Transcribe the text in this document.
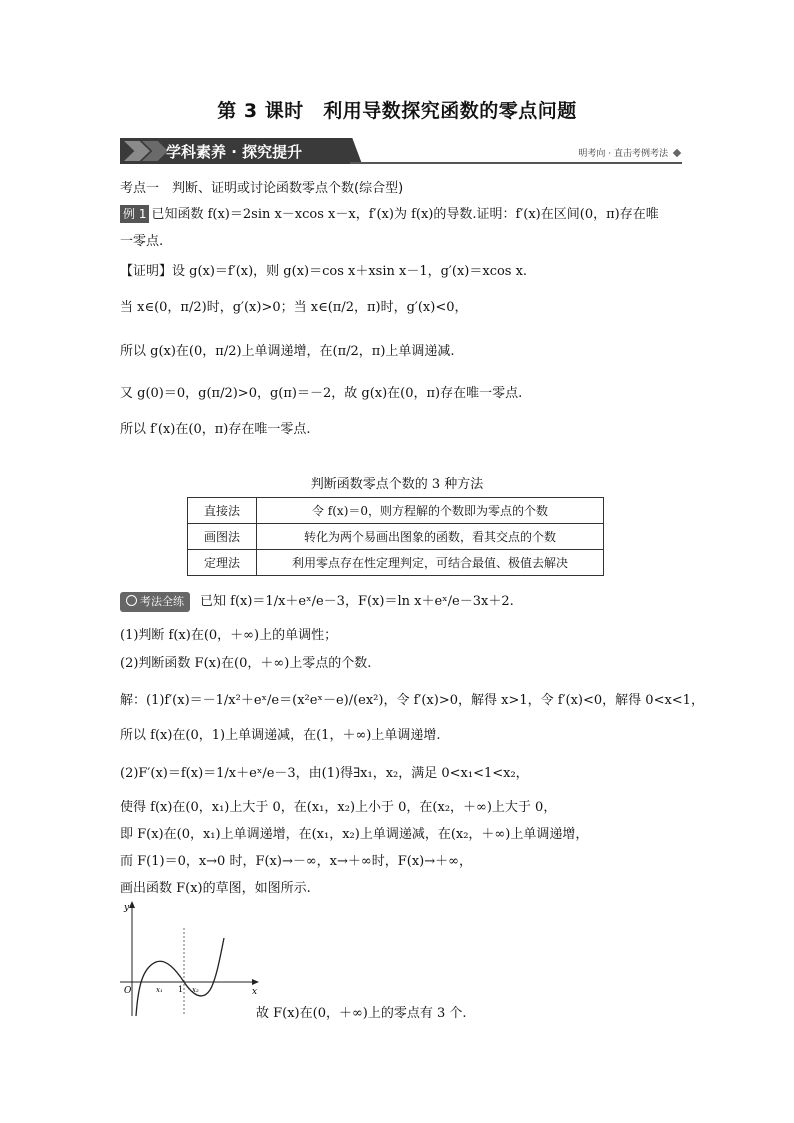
第 3 课时　利用导数探究函数的零点问题
学科素养 · 探究提升	明考向 · 直击考例考法
考点一　判断、证明或讨论函数零点个数(综合型)
例 1 已知函数 f(x)＝2sin x－xcos x－x，f′(x)为 f(x)的导数.证明：f′(x)在区间(0，π)存在唯
一零点.
【证明】设 g(x)＝f′(x)，则 g(x)＝cos x＋xsin x－1，g′(x)＝xcos x.
当 x∈(0，π/2)时，g′(x)>0；当 x∈(π/2，π)时，g′(x)<0，
所以 g(x)在(0，π/2)上单调递增，在(π/2，π)上单调递减.
又 g(0)＝0，g(π/2)>0，g(π)＝－2，故 g(x)在(0，π)存在唯一零点.
所以 f′(x)在(0，π)存在唯一零点.
判断函数零点个数的 3 种方法
直接法	令 f(x)＝0，则方程解的个数即为零点的个数
画图法	转化为两个易画出图象的函数，看其交点的个数
定理法	利用零点存在性定理判定，可结合最值、极值去解决
考法全练 已知 f(x)＝1/x＋eˣ/e－3，F(x)＝ln x＋eˣ/e－3x＋2.
(1)判断 f(x)在(0，＋∞)上的单调性；
(2)判断函数 F(x)在(0，＋∞)上零点的个数.
解：(1)f′(x)＝－1/x²＋eˣ/e＝(x²eˣ－e)/(ex²)，令 f′(x)>0，解得 x>1，令 f′(x)<0，解得 0<x<1，
所以 f(x)在(0，1)上单调递减，在(1，＋∞)上单调递增.
(2)F′(x)＝f(x)＝1/x＋eˣ/e－3，由(1)得∃x₁，x₂，满足 0<x₁<1<x₂，
使得 f(x)在(0，x₁)上大于 0，在(x₁，x₂)上小于 0，在(x₂，＋∞)上大于 0，
即 F(x)在(0，x₁)上单调递增，在(x₁，x₂)上单调递减，在(x₂，＋∞)上单调递增，
而 F(1)＝0，x→0 时，F(x)→－∞，x→＋∞时，F(x)→＋∞，
画出函数 F(x)的草图，如图所示.
y
x
O	x₁ 1 x₂
故 F(x)在(0，＋∞)上的零点有 3 个.
